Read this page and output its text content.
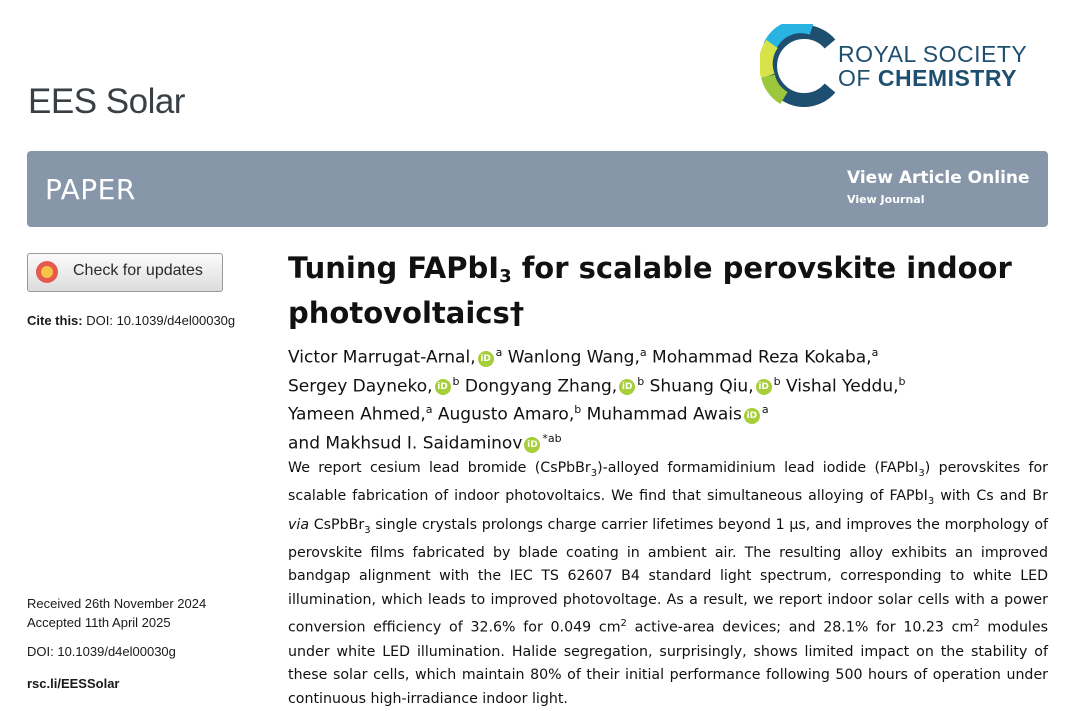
EES Solar
ROYAL SOCIETY
OF CHEMISTRY
PAPER	View Article Online
View Journal
Check for updates
Cite this: DOI: 10.1039/d4el00030g
Received 26th November 2024
Accepted 11th April 2025
DOI: 10.1039/d4el00030g
rsc.li/EESSolar
Tuning FAPbI$_3$ for scalable perovskite indoor photovoltaics†
Victor Marrugat-Arnal, iD $^a$ Wanlong Wang,$^a$ Mohammad Reza Kokaba,$^a$
Sergey Dayneko, iD $^b$ Dongyang Zhang, iD $^b$ Shuang Qiu, iD $^b$ Vishal Yeddu,$^b$
Yameen Ahmed,$^a$ Augusto Amaro,$^b$ Muhammad Awais iD $^a$
and Makhsud I. Saidaminov iD $^{*ab}$
We report cesium lead bromide (CsPbBr$_3$)-alloyed formamidinium lead iodide (FAPbI$_3$) perovskites for scalable fabrication of indoor photovoltaics. We find that simultaneous alloying of FAPbI$_3$ with Cs and Br via CsPbBr$_3$ single crystals prolongs charge carrier lifetimes beyond 1 μs, and improves the morphology of perovskite films fabricated by blade coating in ambient air. The resulting alloy exhibits an improved bandgap alignment with the IEC TS 62607 B4 standard light spectrum, corresponding to white LED illumination, which leads to improved photovoltage. As a result, we report indoor solar cells with a power conversion efficiency of 32.6% for 0.049 $cm^2$ active-area devices; and 28.1% for 10.23 $cm^2$ modules under white LED illumination. Halide segregation, surprisingly, shows limited impact on the stability of these solar cells, which maintain 80% of their initial performance following 500 hours of operation under continuous high-irradiance indoor light.
